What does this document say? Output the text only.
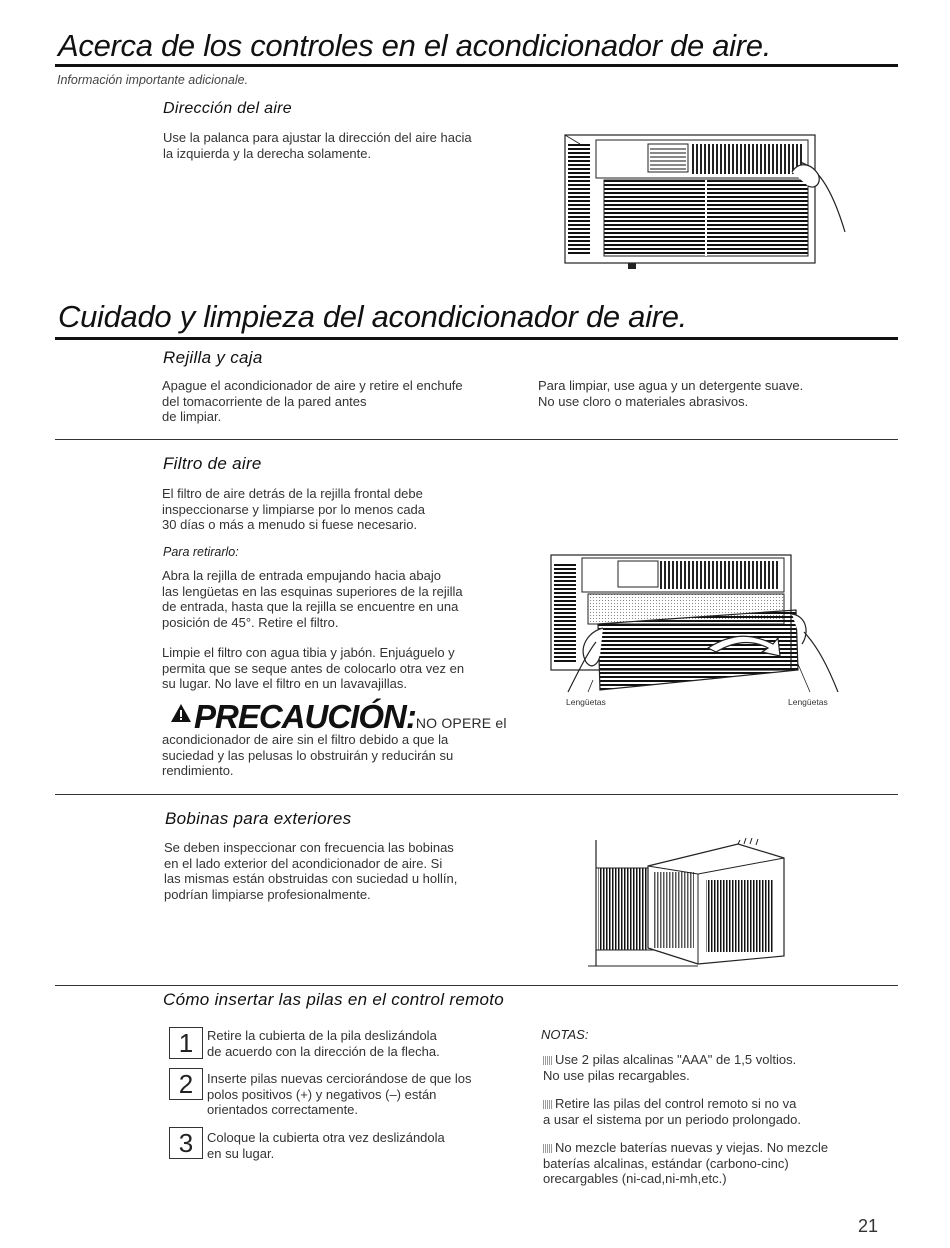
Acerca de los controles en el acondicionador de aire.
Información importante adicionale.
Dirección del aire
Use la palanca para ajustar la dirección del aire hacia
la izquierda y la derecha solamente.
Cuidado y limpieza del acondicionador de aire.
Rejilla y caja
Apague el acondicionador de aire y retire el enchufe
del tomacorriente de la pared antes
de limpiar.
Para limpiar, use agua y un detergente suave.
No use cloro o materiales abrasivos.
Filtro de aire
El filtro de aire detrás de la rejilla frontal debe
inspeccionarse y limpiarse por lo menos cada
30 días o más a menudo si fuese necesario.
Para retirarlo:
Abra la rejilla de entrada empujando hacia abajo
las lengüetas en las esquinas superiores de la rejilla
de entrada, hasta que la rejilla se encuentre en una
posición de 45°. Retire el filtro.
Limpie el filtro con agua tibia y jabón. Enjuáguelo y
permita que se seque antes de colocarlo otra vez en
su lugar. No lave el filtro en un lavavajillas.
PRECAUCIÓN:NO OPERE el
acondicionador de aire sin el filtro debido a que la
suciedad y las pelusas lo obstruirán y reducirán su
rendimiento.
Lengüetas	Lengüetas
Bobinas para exteriores
Se deben inspeccionar con frecuencia las bobinas
en el lado exterior del acondicionador de aire. Si
las mismas están obstruidas con suciedad u hollín,
podrían limpiarse profesionalmente.
Cómo insertar las pilas en el control remoto
1	Retire la cubierta de la pila deslizándola
de acuerdo con la dirección de la flecha.
2	Inserte pilas nuevas cerciorándose de que los
polos positivos (+) y negativos (–) están
orientados correctamente.
3	Coloque la cubierta otra vez deslizándola
en su lugar.
NOTAS:
Use 2 pilas alcalinas "AAA" de 1,5 voltios.
No use pilas recargables.
Retire las pilas del control remoto si no va
a usar el sistema por un periodo prolongado.
No mezcle baterías nuevas y viejas. No mezcle
baterías alcalinas, estándar (carbono-cinc)
orecargables (ni-cad,ni-mh,etc.)
21
